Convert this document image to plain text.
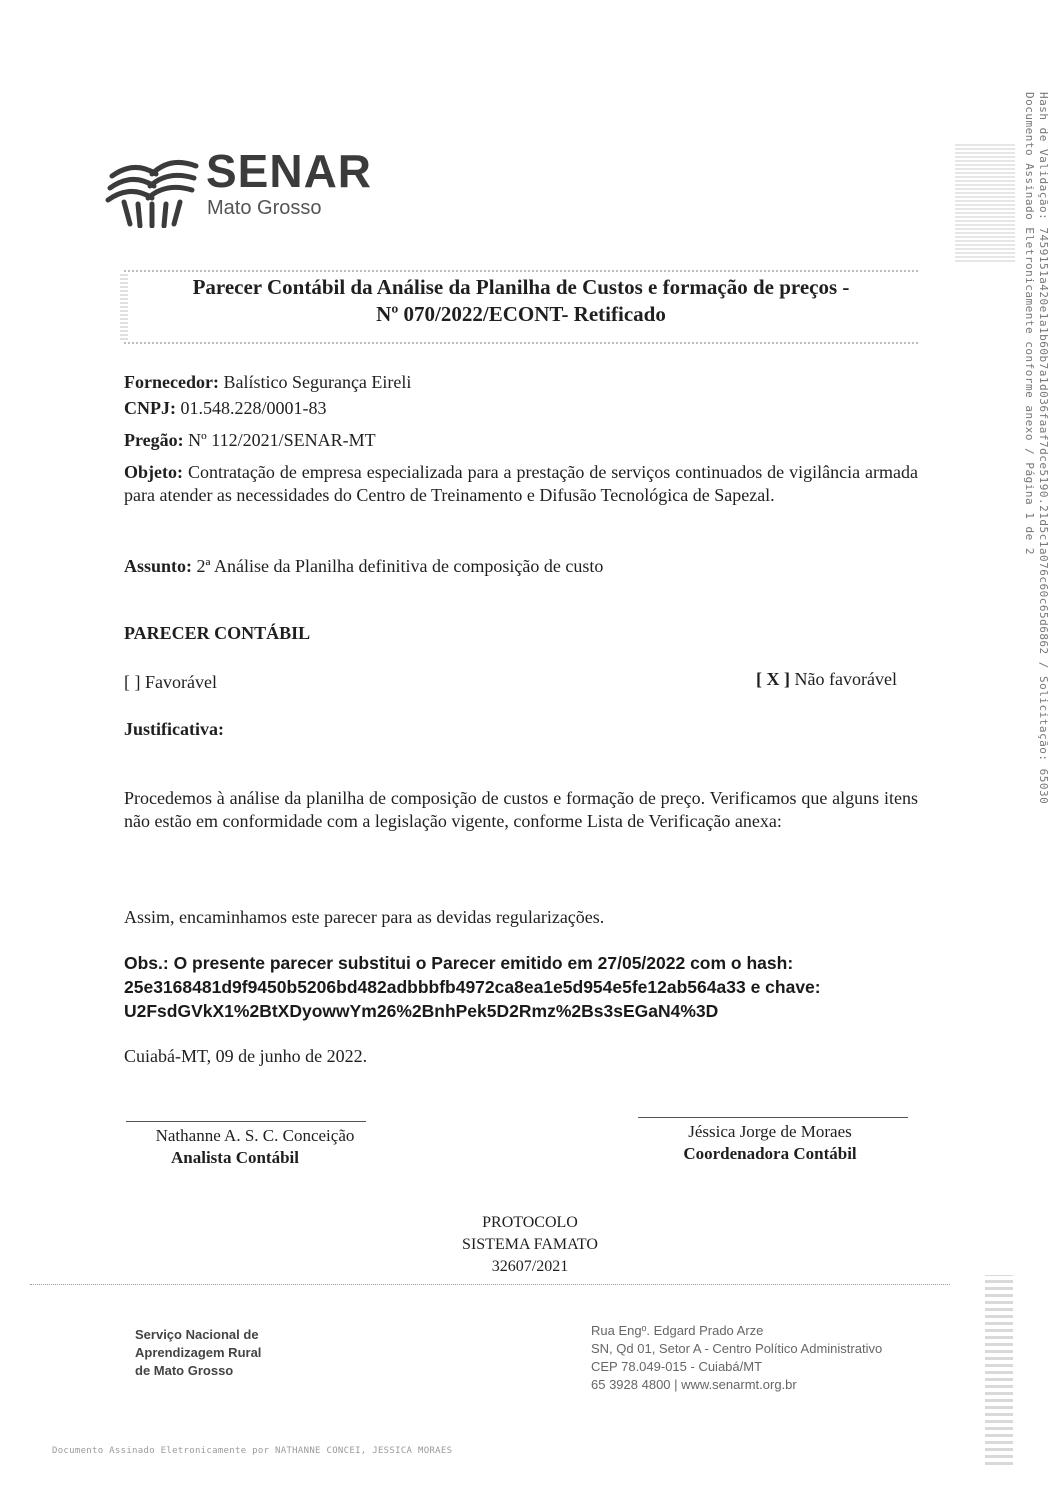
SENAR
Mato Grosso
Parecer Contábil da Análise da Planilha de Custos e formação de preços -
Nº 070/2022/ECONT- Retificado
Fornecedor: Balístico Segurança Eireli
CNPJ: 01.548.228/0001-83
Pregão: Nº 112/2021/SENAR-MT
Objeto: Contratação de empresa especializada para a prestação de serviços continuados de vigilância armada para atender as necessidades do Centro de Treinamento e Difusão Tecnológica de Sapezal.
Assunto: 2ª Análise da Planilha definitiva de composição de custo
PARECER CONTÁBIL
[ ] Favorável	[ X ] Não favorável
Justificativa:
Procedemos à análise da planilha de composição de custos e formação de preço. Verificamos que alguns itens não estão em conformidade com a legislação vigente, conforme Lista de Verificação anexa:
Assim, encaminhamos este parecer para as devidas regularizações.
Obs.: O presente parecer substitui o Parecer emitido em 27/05/2022 com o hash:
25e3168481d9f9450b5206bd482adbbbfb4972ca8ea1e5d954e5fe12ab564a33 e chave:
U2FsdGVkX1%2BtXDyowwYm26%2BnhPek5D2Rmz%2Bs3sEGaN4%3D
Cuiabá-MT, 09 de junho de 2022.
Nathanne A. S. C. Conceição
Analista Contábil
Jéssica Jorge de Moraes
Coordenadora Contábil
PROTOCOLO
SISTEMA FAMATO
32607/2021
Serviço Nacional de
Aprendizagem Rural
de Mato Grosso
Rua Engº. Edgard Prado Arze
SN, Qd 01, Setor A - Centro Político Administrativo
CEP 78.049-015 - Cuiabá/MT
65 3928 4800 | www.senarmt.org.br
Hash de Validação: 7459151a420e1a1b60b7a1d036faaf7dce5190.21d5c1a076c60c65d6862 / Solicitação: 65030
Documento Assinado Eletronicamente conforme anexo / Página 1 de 2
Documento Assinado Eletronicamente por NATHANNE CONCEI, JESSICA MORAES
